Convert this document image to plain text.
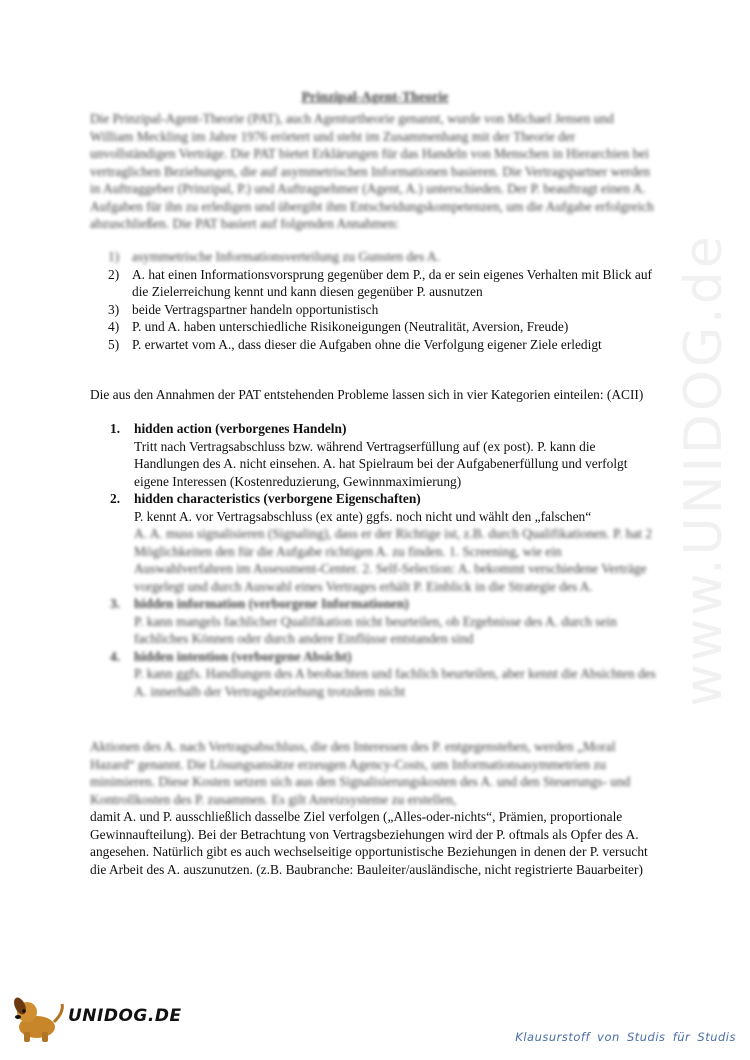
www.UNIDOG.de
Prinzipal-Agent-Theorie
Die Prinzipal-Agent-Theorie (PAT), auch Agenturtheorie genannt, wurde von Michael Jensen und William Meckling im Jahre 1976 erörtert und steht im Zusammenhang mit der Theorie der unvollständigen Verträge. Die PAT bietet Erklärungen für das Handeln von Menschen in Hierarchien bei vertraglichen Beziehungen, die auf asymmetrischen Informationen basieren. Die Vertragspartner werden in Auftraggeber (Prinzipal, P.) und Auftragnehmer (Agent, A.) unterschieden. Der P. beauftragt einen A. Aufgaben für ihn zu erledigen und übergibt ihm Entscheidungskompetenzen, um die Aufgabe erfolgreich abzuschließen. Die PAT basiert auf folgenden Annahmen:
1) asymmetrische Informationsverteilung zu Gunsten des A.
2) A. hat einen Informationsvorsprung gegenüber dem P., da er sein eigenes Verhalten mit Blick auf die Zielerreichung kennt und kann diesen gegenüber P. ausnutzen
3) beide Vertragspartner handeln opportunistisch
4) P. und A. haben unterschiedliche Risikoneigungen (Neutralität, Aversion, Freude)
5) P. erwartet vom A., dass dieser die Aufgaben ohne die Verfolgung eigener Ziele erledigt
Die aus den Annahmen der PAT entstehenden Probleme lassen sich in vier Kategorien einteilen: (ACII)
1. hidden action (verborgenes Handeln)
Tritt nach Vertragsabschluss bzw. während Vertragserfüllung auf (ex post). P. kann die Handlungen des A. nicht einsehen. A. hat Spielraum bei der Aufgabenerfüllung und verfolgt eigene Interessen (Kostenreduzierung, Gewinnmaximierung)
2. hidden characteristics (verborgene Eigenschaften)
P. kennt A. vor Vertragsabschluss (ex ante) ggfs. noch nicht und wählt den „falschen“
A. A. muss signalisieren (Signaling), dass er der Richtige ist, z.B. durch Qualifikationen. P. hat 2 Möglichkeiten den für die Aufgabe richtigen A. zu finden. 1. Screening, wie ein Auswahlverfahren im Assessment-Center. 2. Self-Selection: A. bekommt verschiedene Verträge vorgelegt und durch Auswahl eines Vertrages erhält P. Einblick in die Strategie des A.
3. hidden information (verborgene Informationen)
P. kann mangels fachlicher Qualifikation nicht beurteilen, ob Ergebnisse des A. durch sein fachliches Können oder durch andere Einflüsse entstanden sind
4. hidden intention (verborgene Absicht)
P. kann ggfs. Handlungen des A beobachten und fachlich beurteilen, aber kennt die Absichten des A. innerhalb der Vertragsbeziehung trotzdem nicht
Aktionen des A. nach Vertragsabschluss, die den Interessen des P. entgegenstehen, werden „Moral Hazard“ genannt. Die Lösungsansätze erzeugen Agency-Costs, um Informationsasymmetrien zu minimieren. Diese Kosten setzen sich aus den Signalisierungskosten des A. und den Steuerungs- und Kontrollkosten des P. zusammen. Es gilt Anreizsysteme zu erstellen,
damit A. und P. ausschließlich dasselbe Ziel verfolgen („Alles-oder-nichts“, Prämien, proportionale Gewinnaufteilung). Bei der Betrachtung von Vertragsbeziehungen wird der P. oftmals als Opfer des A. angesehen. Natürlich gibt es auch wechselseitige opportunistische Beziehungen in denen der P. versucht die Arbeit des A. auszunutzen. (z.B. Baubranche: Bauleiter/ausländische, nicht registrierte Bauarbeiter)
UNIDOG.DE
Klausurstoff von Studis für Studis
